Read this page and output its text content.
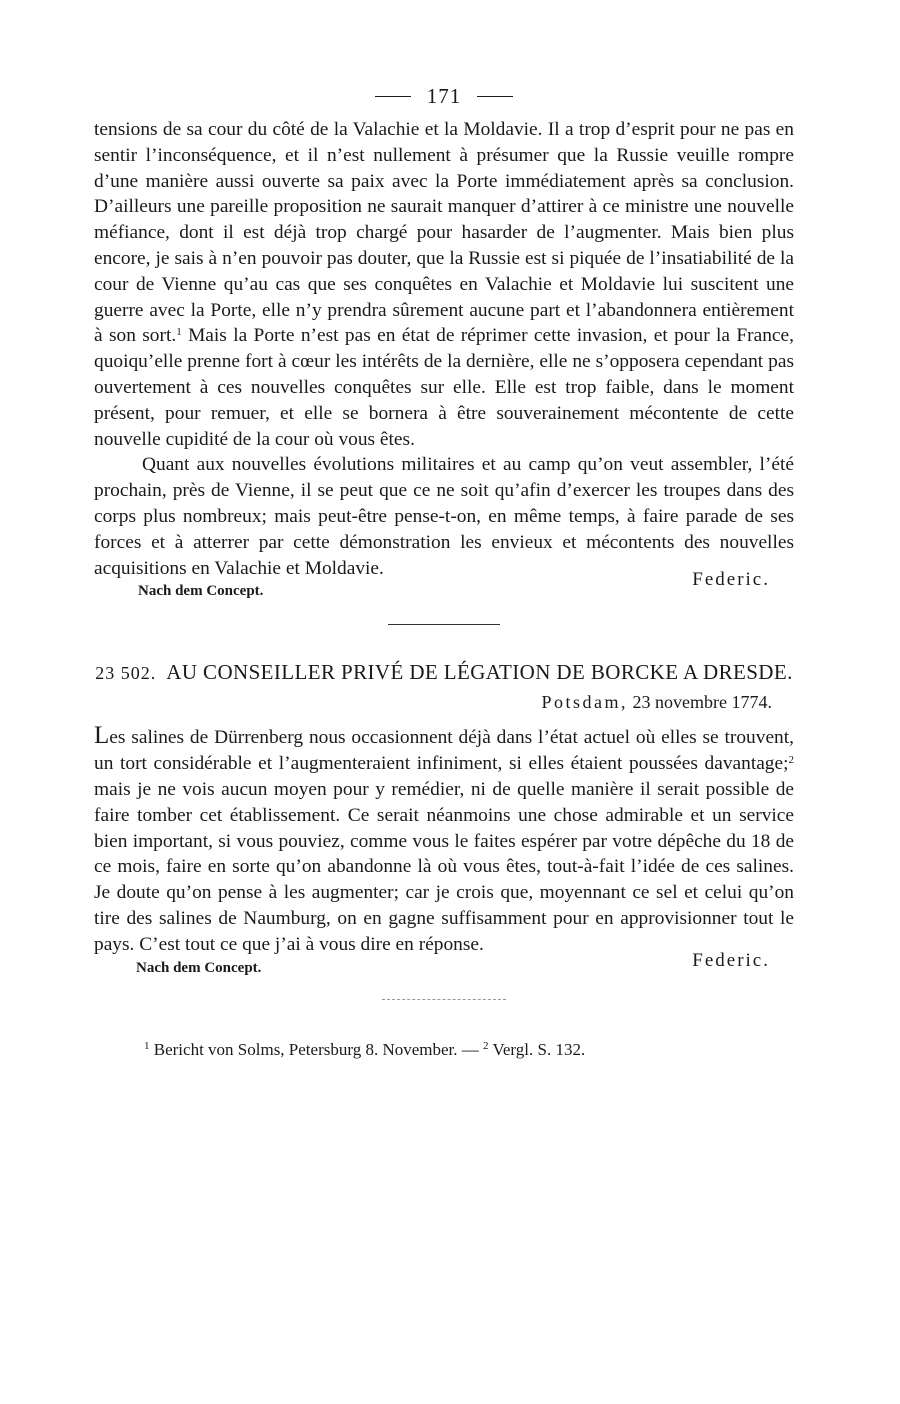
171

tensions de sa cour du côté de la Valachie et la Moldavie. Il a trop d’esprit pour ne pas en sentir l’inconséquence, et il n’est nullement à présumer que la Russie veuille rompre d’une manière aussi ouverte sa paix avec la Porte immédiatement après sa conclusion. D’ailleurs une pareille proposition ne saurait manquer d’attirer à ce ministre une nouvelle méfiance, dont il est déjà trop chargé pour hasarder de l’augmenter. Mais bien plus encore, je sais à n’en pouvoir pas douter, que la Russie est si piquée de l’insatiabilité de la cour de Vienne qu’au cas que ses conquêtes en Valachie et Moldavie lui suscitent une guerre avec la Porte, elle n’y prendra sûrement aucune part et l’abandonnera entièrement à son sort.$^1$ Mais la Porte n’est pas en état de réprimer cette invasion, et pour la France, quoiqu’elle prenne fort à cœur les intérêts de la dernière, elle ne s’opposera cependant pas ouvertement à ces nouvelles conquêtes sur elle. Elle est trop faible, dans le moment présent, pour remuer, et elle se bornera à être souverainement mécontente de cette nouvelle cupidité de la cour où vous êtes.

Quant aux nouvelles évolutions militaires et au camp qu’on veut assembler, l’été prochain, près de Vienne, il se peut que ce ne soit qu’afin d’exercer les troupes dans des corps plus nombreux; mais peut-être pense-t-on, en même temps, à faire parade de ses forces et à atterrer par cette démonstration les envieux et mécontents des nouvelles acquisitions en Valachie et Moldavie.

Federic.
Nach dem Concept.
23 502. AU CONSEILLER PRIVÉ DE LÉGATION DE BORCKE A DRESDE.
Potsdam, 23 novembre 1774.

Les salines de Dürrenberg nous occasionnent déjà dans l’état actuel où elles se trouvent, un tort considérable et l’augmenteraient infiniment, si elles étaient poussées davantage;$^2$ mais je ne vois aucun moyen pour y remédier, ni de quelle manière il serait possible de faire tomber cet établissement. Ce serait néanmoins une chose admirable et un service bien important, si vous pouviez, comme vous le faites espérer par votre dépêche du 18 de ce mois, faire en sorte qu’on abandonne là où vous êtes, tout-à-fait l’idée de ces salines. Je doute qu’on pense à les augmenter; car je crois que, moyennant ce sel et celui qu’on tire des salines de Naumburg, on en gagne suffisamment pour en approvisionner tout le pays. C’est tout ce que j’ai à vous dire en réponse.

Federic.
Nach dem Concept.
$^1$ Bericht von Solms, Petersburg 8. November. — $^2$ Vergl. S. 132.
